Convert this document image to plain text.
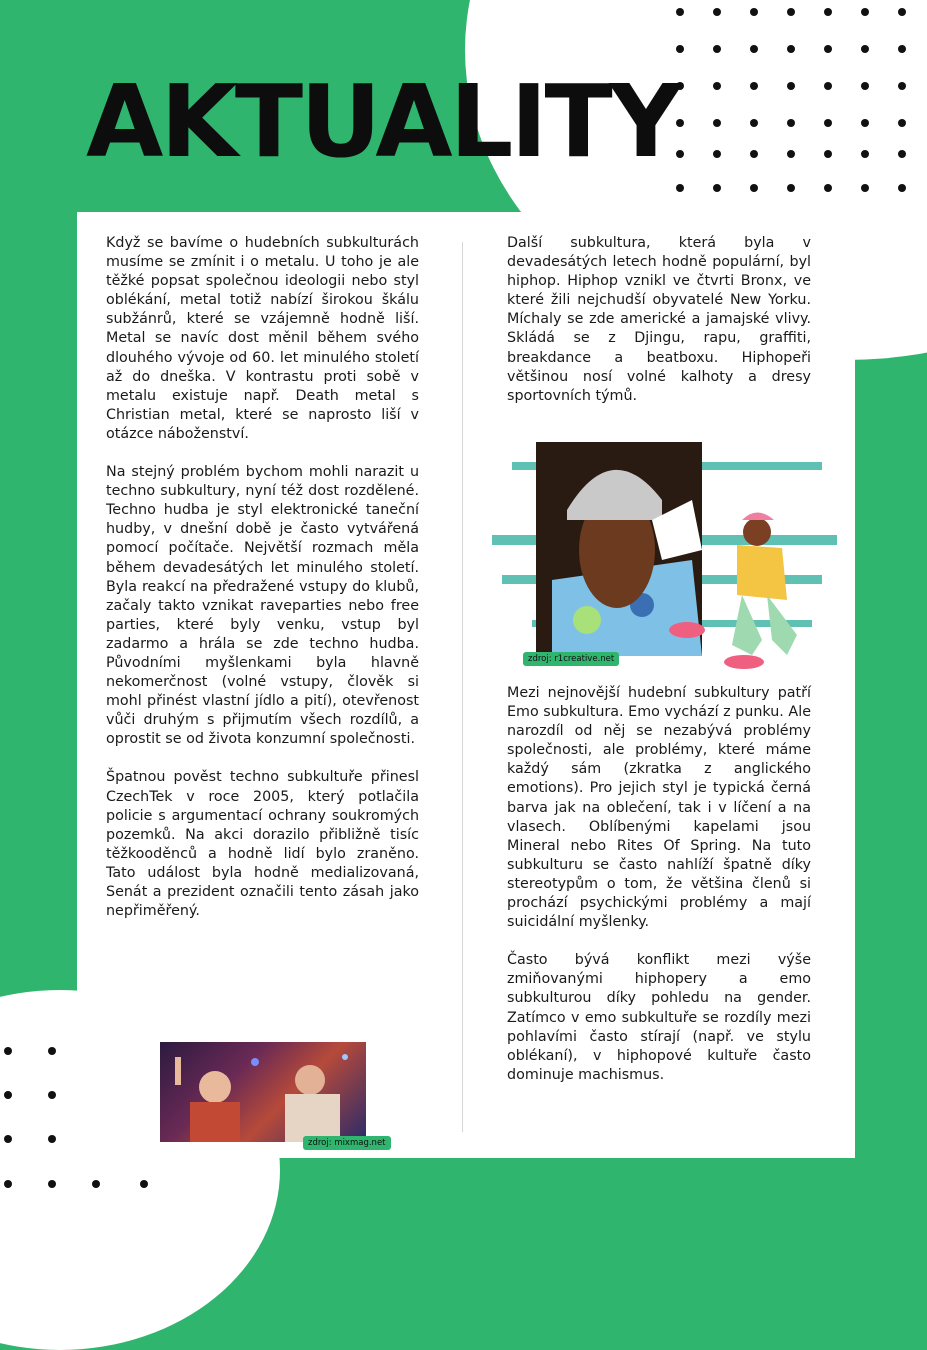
AKTUALITY

Když se bavíme o hudebních subkulturách musíme se zmínit i o metalu. U toho je ale těžké popsat společnou ideologii nebo styl oblékání, metal totiž nabízí širokou škálu subžánrů, které se vzájemně hodně liší. Metal se navíc dost měnil během svého dlouhého vývoje od 60. let minulého století až do dneška. V kontrastu proti sobě v metalu existuje např. Death metal s Christian metal, které se naprosto liší v otázce náboženství.

Na stejný problém bychom mohli narazit u techno subkultury, nyní též dost rozdělené. Techno hudba je styl elektronické taneční hudby, v dnešní době je často vytvářená pomocí počítače. Největší rozmach měla během devadesátých let minulého století. Byla reakcí na předražené vstupy do klubů, začaly takto vznikat raveparties nebo free parties, které byly venku, vstup byl zadarmo a hrála se zde techno hudba. Původními myšlenkami byla hlavně nekomerčnost (volné vstupy, člověk si mohl přinést vlastní jídlo a pití), otevřenost vůči druhým s přijmutím všech rozdílů, a oprostit se od života konzumní společnosti.

Špatnou pověst techno subkultuře přinesl CzechTek v roce 2005, který potlačila policie s argumentací ochrany soukromých pozemků. Na akci dorazilo přibližně tisíc těžkooděnců a hodně lidí bylo zraněno. Tato událost byla hodně medializovaná, Senát a prezident označili tento zásah jako nepřiměřený.

zdroj: mixmag.net

Další subkultura, která byla v devadesátých letech hodně populární, byl hiphop. Hiphop vznikl ve čtvrti Bronx, ve které žili nejchudší obyvatelé New Yorku. Míchaly se zde americké a jamajské vlivy. Skládá se z Djingu, rapu, graffiti, breakdance a beatboxu. Hiphopeři většinou nosí volné kalhoty a dresy sportovních týmů.

zdroj: r1creative.net

Mezi nejnovější hudební subkultury patří Emo subkultura. Emo vychází z punku. Ale narozdíl od něj se nezabývá problémy společnosti, ale problémy, které máme každý sám (zkratka z anglického emotions). Pro jejich styl je typická černá barva jak na oblečení, tak i v líčení a na vlasech. Oblíbenými kapelami jsou Mineral nebo Rites Of Spring. Na tuto subkulturu se často nahlíží špatně díky stereotypům o tom, že většina členů si prochází psychickými problémy a mají suicidální myšlenky.

Často bývá konflikt mezi výše zmiňovanými hiphopery a emo subkulturou díky pohledu na gender. Zatímco v emo subkultuře se rozdíly mezi pohlavími často stírají (např. ve stylu oblékaní), v hiphopové kultuře často dominuje machismus.
